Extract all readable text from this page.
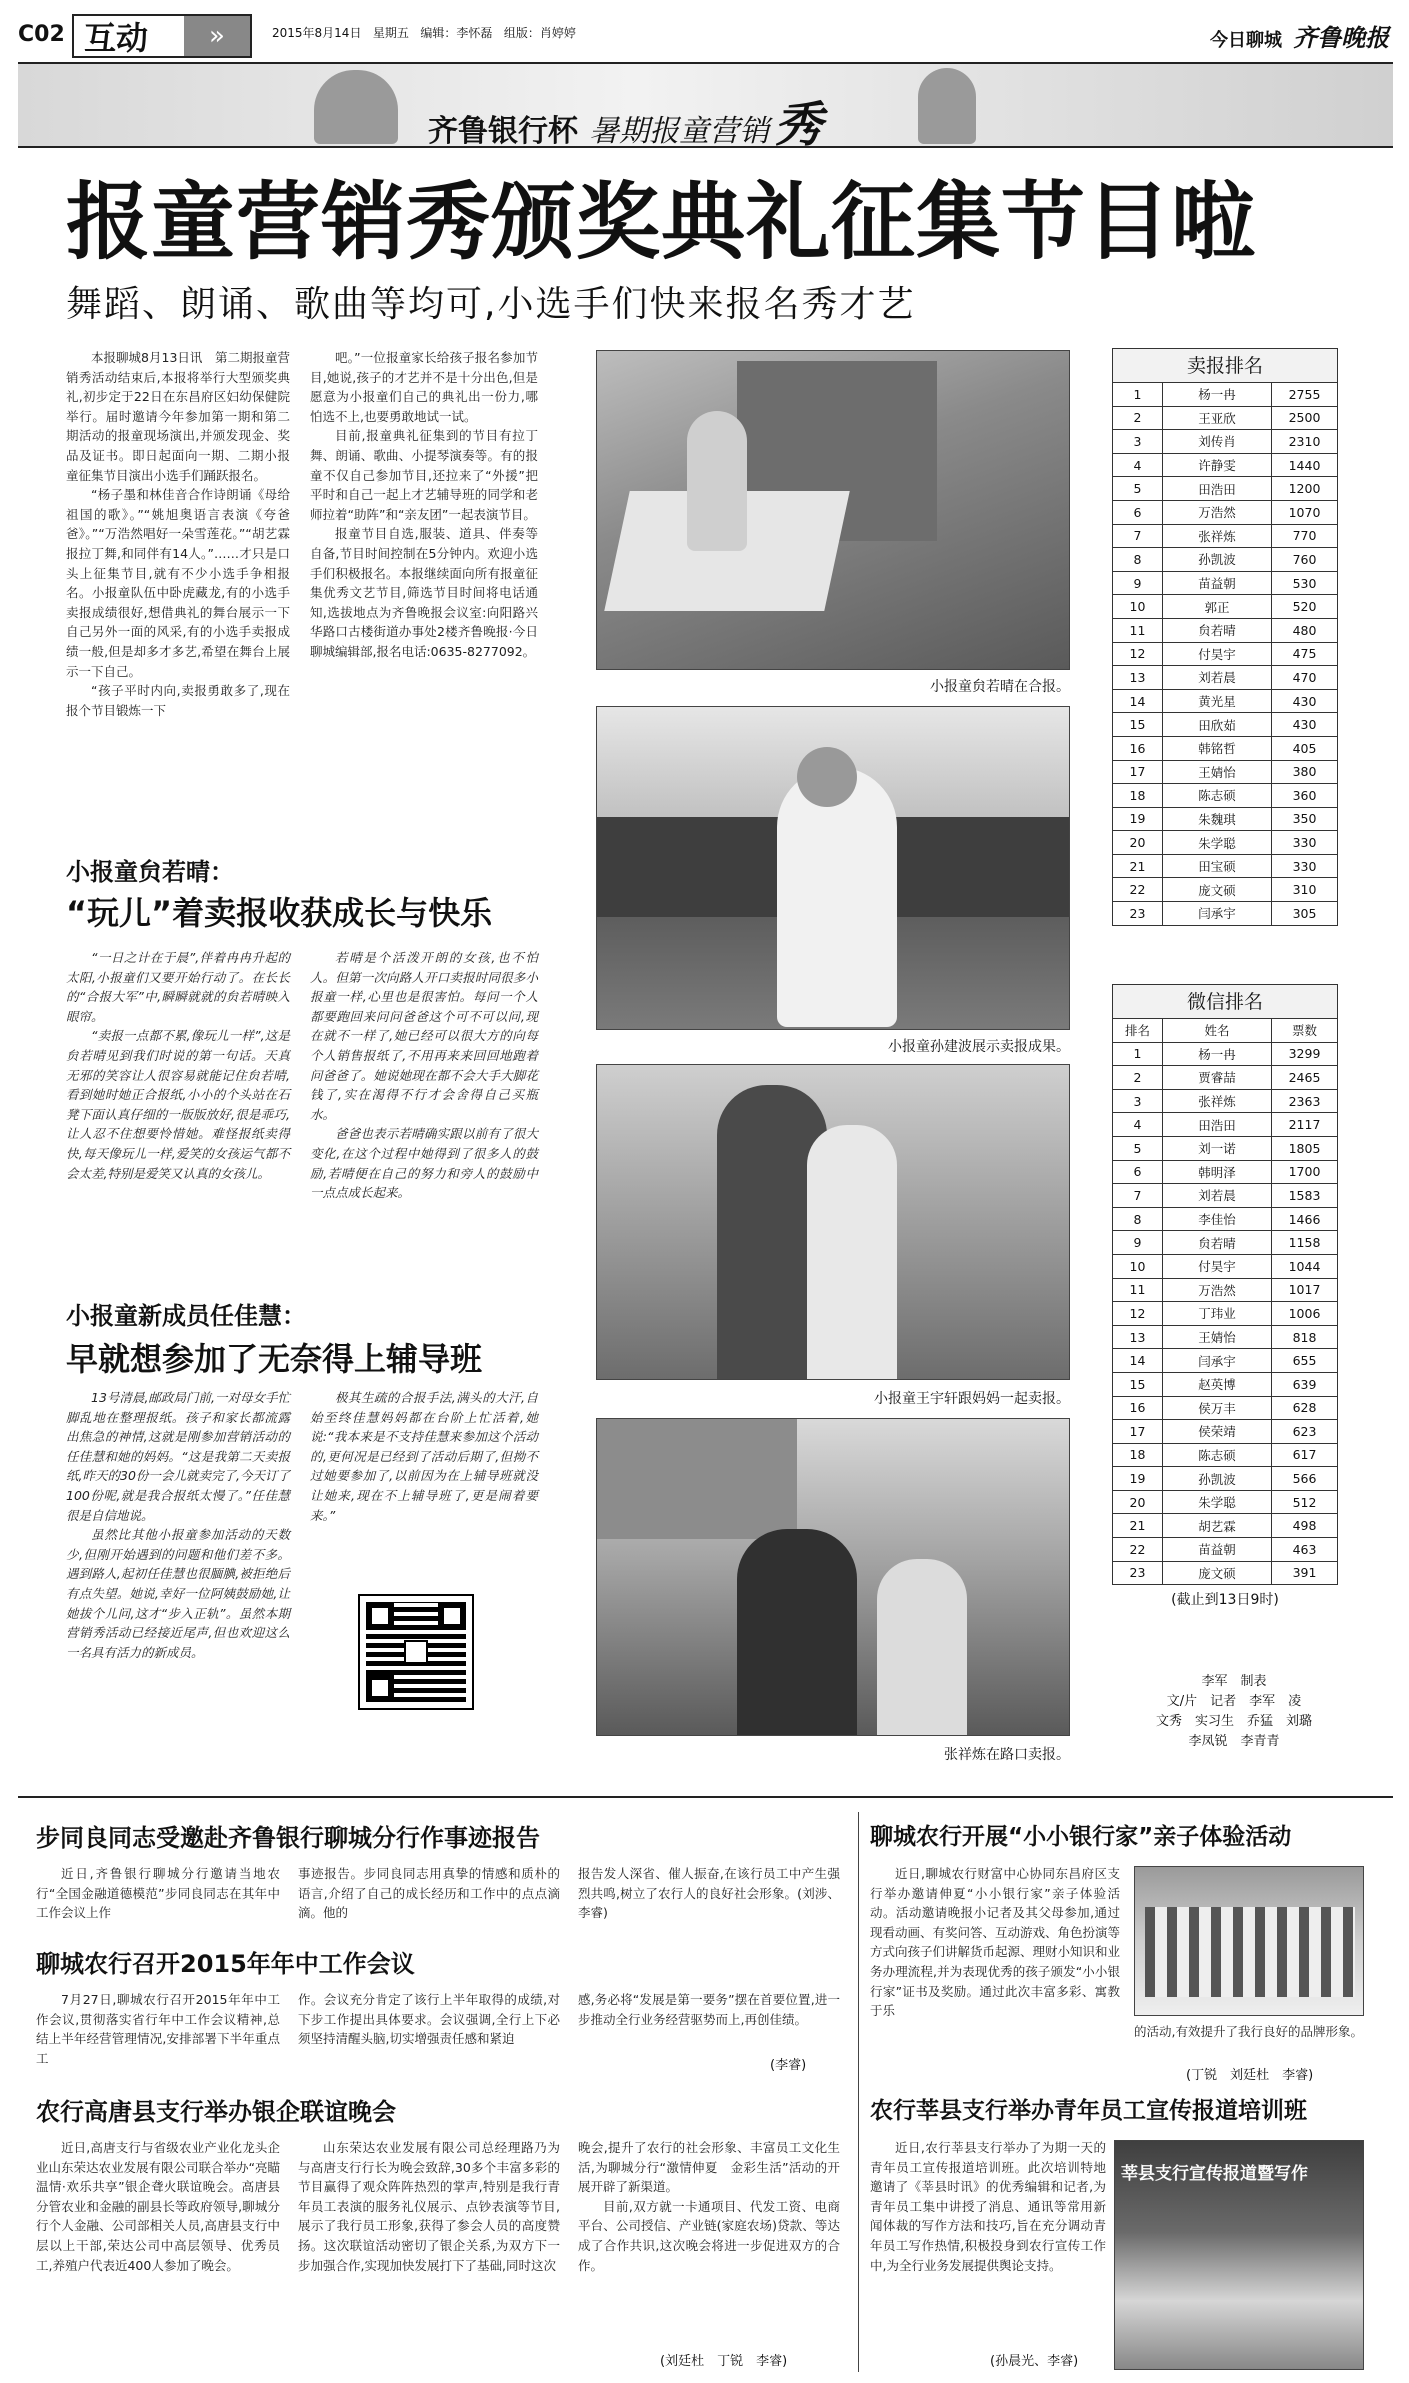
C02 互动	»	2015年8月14日 星期五 编辑：李怀磊 组版：肖婷婷	今日聊城 齐鲁晚报
齐鲁银行杯 暑期报童营销 秀
报童营销秀颁奖典礼征集节目啦
舞蹈、朗诵、歌曲等均可,小选手们快来报名秀才艺

本报聊城8月13日讯　第二期报童营销秀活动结束后,本报将举行大型颁奖典礼,初步定于22日在东昌府区妇幼保健院举行。届时邀请今年参加第一期和第二期活动的报童现场演出,并颁发现金、奖品及证书。即日起面向一期、二期小报童征集节目演出小选手们踊跃报名。

“杨子墨和林佳音合作诗朗诵《母给祖国的歌》。”“姚旭奥语言表演《夸爸爸》。”“万浩然唱好一朵雪莲花。”“胡艺霖报拉丁舞,和同伴有14人。”……才只是口头上征集节目,就有不少小选手争相报名。小报童队伍中卧虎藏龙,有的小选手卖报成绩很好,想借典礼的舞台展示一下自己另外一面的风采,有的小选手卖报成绩一般,但是却多才多艺,希望在舞台上展示一下自己。

“孩子平时内向,卖报勇敢多了,现在报个节目锻炼一下

吧。”一位报童家长给孩子报名参加节目,她说,孩子的才艺并不是十分出色,但是愿意为小报童们自己的典礼出一份力,哪怕选不上,也要勇敢地试一试。

目前,报童典礼征集到的节目有拉丁舞、朗诵、歌曲、小提琴演奏等。有的报童不仅自己参加节目,还拉来了“外援”把平时和自己一起上才艺辅导班的同学和老师拉着“助阵”和“亲友团”一起表演节目。

报童节目自选,服装、道具、伴奏等自备,节目时间控制在5分钟内。欢迎小选手们积极报名。本报继续面向所有报童征集优秀文艺节目,筛选节目时间将电话通知,选拔地点为齐鲁晚报会议室:向阳路兴华路口古楼街道办事处2楼齐鲁晚报·今日聊城编辑部,报名电话:0635-8277092。

小报童贠若晴：
“玩儿”着卖报收获成长与快乐

“一日之计在于晨”,伴着冉冉升起的太阳,小报童们又要开始行动了。在长长的“合报大军”中,瞬瞬就就的贠若晴映入眼帘。

“卖报一点都不累,像玩儿一样”,这是贠若晴见到我们时说的第一句话。天真无邪的笑容让人很容易就能记住贠若晴,看到她时她正合报纸,小小的个头站在石凳下面认真仔细的一版版放好,很是乖巧,让人忍不住想要怜惜她。难怪报纸卖得快,每天像玩儿一样,爱笑的女孩运气都不会太差,特别是爱笑又认真的女孩儿。

若晴是个活泼开朗的女孩,也不怕人。但第一次向路人开口卖报时同很多小报童一样,心里也是很害怕。每问一个人都要跑回来问问爸爸这个可不可以问,现在就不一样了,她已经可以很大方的向每个人销售报纸了,不用再来来回回地跑着问爸爸了。她说她现在都不会大手大脚花钱了,实在渴得不行才会舍得自己买瓶水。

爸爸也表示若晴确实跟以前有了很大变化,在这个过程中她得到了很多人的鼓励,若晴便在自己的努力和旁人的鼓励中一点点成长起来。

小报童新成员任佳慧：
早就想参加了无奈得上辅导班

13号清晨,邮政局门前,一对母女手忙脚乱地在整理报纸。孩子和家长都流露出焦急的神情,这就是刚参加营销活动的任佳慧和她的妈妈。“这是我第二天卖报纸,昨天的30份一会儿就卖完了,今天订了100份呢,就是我合报纸太慢了。”任佳慧很是自信地说。

虽然比其他小报童参加活动的天数少,但刚开始遇到的问题和他们差不多。遇到路人,起初任佳慧也很腼腆,被拒绝后有点失望。她说,幸好一位阿姨鼓励她,让她拔个儿问,这才“步入正轨”。虽然本期营销秀活动已经接近尾声,但也欢迎这么一名具有活力的新成员。

极其生疏的合报手法,满头的大汗,自始至终佳慧妈妈都在台阶上忙活着,她说:“我本来是不支持佳慧来参加这个活动的,更何况是已经到了活动后期了,但拗不过她要参加了,以前因为在上辅导班就没让她来,现在不上辅导班了,更是闹着要来。”

小报童贠若晴在合报。
小报童孙建波展示卖报成果。
小报童王宇轩跟妈妈一起卖报。
张祥炼在路口卖报。
卖报排名
1	杨一冉	2755
2	王亚欣	2500
3	刘传肖	2310
4	许静雯	1440
5	田浩田	1200
6	万浩然	1070
7	张祥炼	770
8	孙凯波	760
9	苗益朝	530
10	郭正	520
11	贠若晴	480
12	付昊宇	475
13	刘若晨	470
14	黄光星	430
15	田欣茹	430
16	韩铭哲	405
17	王婧怡	380
18	陈志硕	360
19	朱魏琪	350
20	朱学聪	330
21	田宝硕	330
22	庞文硕	310
23	闫承宇	305
微信排名
排名	姓名	票数
1	杨一冉	3299
2	贾睿喆	2465
3	张祥炼	2363
4	田浩田	2117
5	刘一诺	1805
6	韩明泽	1700
7	刘若晨	1583
8	李佳怡	1466
9	贠若晴	1158
10	付昊宇	1044
11	万浩然	1017
12	丁玮业	1006
13	王婧怡	818
14	闫承宇	655
15	赵英博	639
16	侯万丰	628
17	侯荣靖	623
18	陈志硕	617
19	孙凯波	566
20	朱学聪	512
21	胡艺霖	498
22	苗益朝	463
23	庞文硕	391
(截止到13日9时)
李军　制表
文/片　记者　李军　凌
文秀　实习生　乔猛　刘璐
李凤锐　李青青
步同良同志受邀赴齐鲁银行聊城分行作事迹报告
近日,齐鲁银行聊城分行邀请当地农行“全国金融道德模范”步同良同志在其年中工作会议上作
事迹报告。步同良同志用真挚的情感和质朴的语言,介绍了自己的成长经历和工作中的点点滴滴。他的
报告发人深省、催人振奋,在该行员工中产生强烈共鸣,树立了农行人的良好社会形象。(刘涉、李睿)
聊城农行召开2015年年中工作会议
7月27日,聊城农行召开2015年年中工作会议,贯彻落实省行年中工作会议精神,总结上半年经营管理情况,安排部署下半年重点工
作。会议充分肯定了该行上半年取得的成绩,对下步工作提出具体要求。会议强调,全行上下必须坚持清醒头脑,切实增强责任感和紧迫
感,务必将“发展是第一要务”摆在首要位置,进一步推动全行业务经营驱势而上,再创佳绩。
(李睿)
农行高唐县支行举办银企联谊晚会
近日,高唐支行与省级农业产业化龙头企业山东荣达农业发展有限公司联合举办“亮瞄温情·欢乐共享”银企聋火联谊晚会。高唐县分管农业和金融的副县长等政府领导,聊城分行个人金融、公司部相关人员,高唐县支行中层以上干部,荣达公司中高层领导、优秀员工,养殖户代表近400人参加了晚会。
山东荣达农业发展有限公司总经理路乃为与高唐支行行长为晚会致辞,30多个丰富多彩的节目赢得了观众阵阵热烈的掌声,特别是我行青年员工表演的服务礼仪展示、点钞表演等节目,展示了我行员工形象,获得了参会人员的高度赞扬。这次联谊活动密切了银企关系,为双方下一步加强合作,实现加快发展打下了基础,同时这次

晚会,提升了农行的社会形象、丰富员工文化生活,为聊城分行“激情伸夏　金彩生活”活动的开展开辟了新渠道。

目前,双方就一卡通项目、代发工资、电商平台、公司授信、产业链(家庭农场)贷款、等达成了合作共识,这次晚会将进一步促进双方的合作。

(刘廷杜　丁锐　李睿)
聊城农行开展“小小银行家”亲子体验活动
近日,聊城农行财富中心协同东昌府区支行举办邀请伸夏“小小银行家”亲子体验活动。活动邀请晚报小记者及其父母参加,通过现看动画、有奖问答、互动游戏、角色扮演等方式向孩子们讲解货币起源、理财小知识和业务办理流程,并为表现优秀的孩子颁发“小小银行家”证书及奖励。通过此次丰富多彩、寓教于乐
的活动,有效提升了我行良好的品牌形象。
(丁锐　刘廷杜　李睿)
农行莘县支行举办青年员工宣传报道培训班
近日,农行莘县支行举办了为期一天的青年员工宣传报道培训班。此次培训特地邀请了《莘县时讯》的优秀编辑和记者,为青年员工集中讲授了消息、通讯等常用新闻体裁的写作方法和技巧,旨在充分调动青年员工写作热情,积极投身到农行宣传工作中,为全行业务发展提供舆论支持。
(孙晨光、李睿)
莘县支行宣传报道暨写作
